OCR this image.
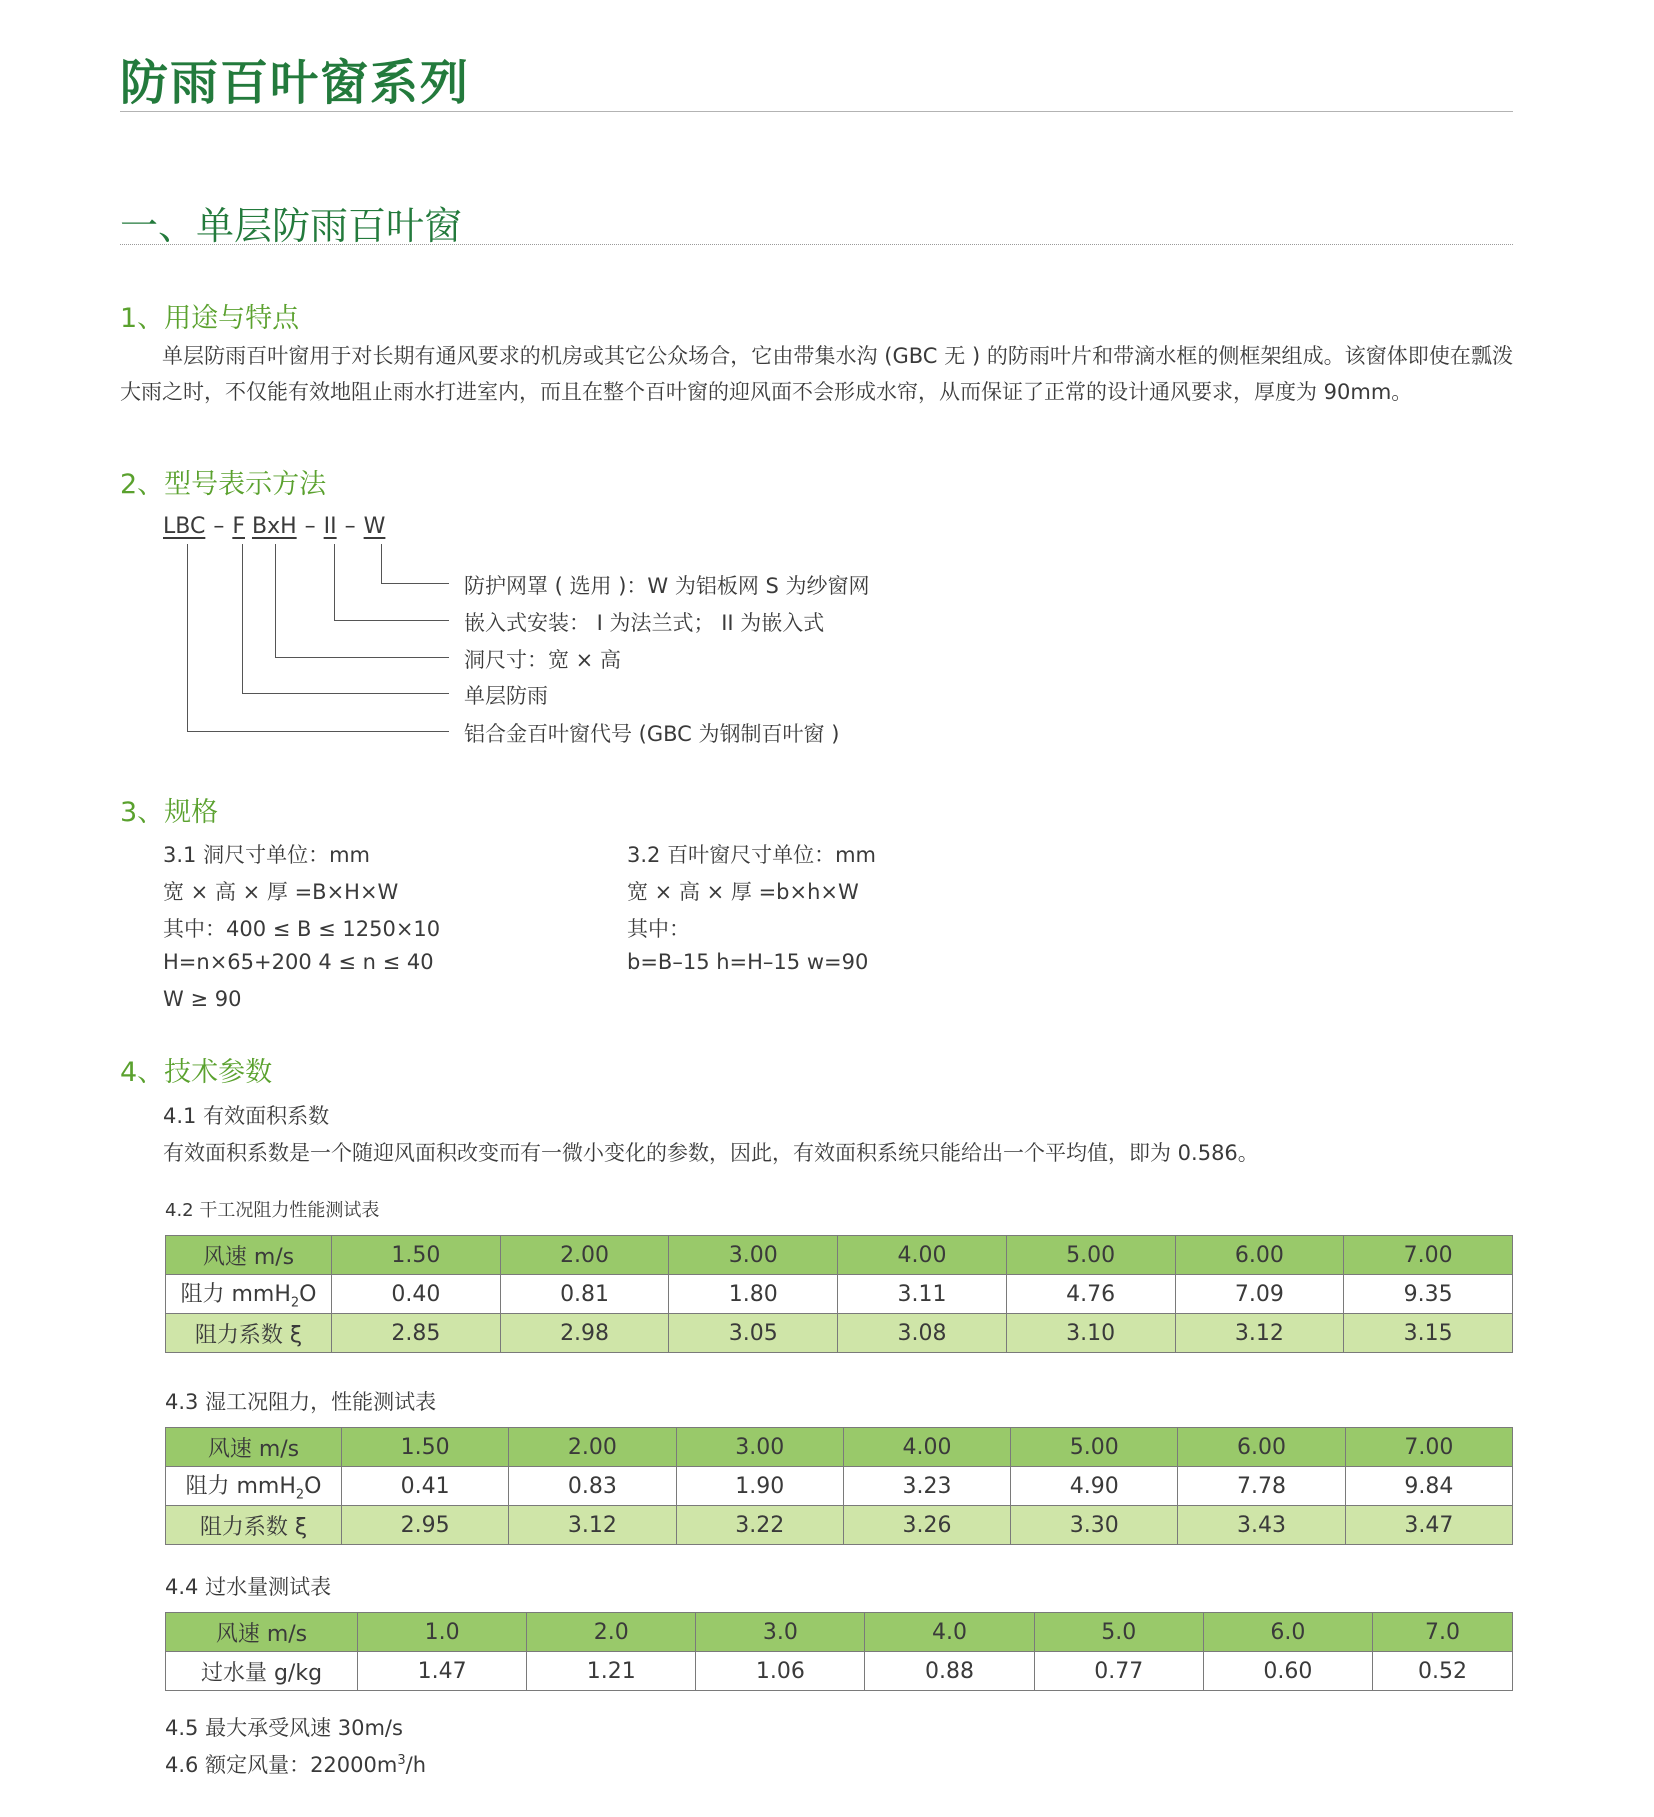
防雨百叶窗系列
一、单层防雨百叶窗
1、用途与特点
单层防雨百叶窗用于对长期有通风要求的机房或其它公众场合，它由带集水沟 (GBC 无 ) 的防雨叶片和带滴水框的侧框架组成。该窗体即使在瓢泼大雨之时，不仅能有效地阻止雨水打进室内，而且在整个百叶窗的迎风面不会形成水帘，从而保证了正常的设计通风要求，厚度为 90mm。
2、型号表示方法
LBC – F BxH – II – W
防护网罩 ( 选用 )：W 为铝板网 S 为纱窗网
嵌入式安装： I 为法兰式； II 为嵌入式
洞尺寸：宽 × 高
单层防雨
铝合金百叶窗代号 (GBC 为钢制百叶窗 )
3、规格
3.1 洞尺寸单位：mm
宽 × 高 × 厚 =B×H×W
其中：400 ≤ B ≤ 1250×10
H=n×65+200 4 ≤ n ≤ 40
W ≥ 90
3.2 百叶窗尺寸单位：mm
宽 × 高 × 厚 =b×h×W
其中：
b=B–15 h=H–15 w=90
4、技术参数
4.1 有效面积系数
有效面积系数是一个随迎风面积改变而有一微小变化的参数，因此，有效面积系统只能给出一个平均值，即为 0.586。
4.2 干工况阻力性能测试表
风速 m/s	1.50	2.00	3.00	4.00	5.00	6.00	7.00
阻力 mmH$_2$O	0.40	0.81	1.80	3.11	4.76	7.09	9.35
阻力系数 ξ	2.85	2.98	3.05	3.08	3.10	3.12	3.15
4.3 湿工况阻力，性能测试表
风速 m/s	1.50	2.00	3.00	4.00	5.00	6.00	7.00
阻力 mmH$_2$O	0.41	0.83	1.90	3.23	4.90	7.78	9.84
阻力系数 ξ	2.95	3.12	3.22	3.26	3.30	3.43	3.47
4.4 过水量测试表
风速 m/s	1.0	2.0	3.0	4.0	5.0	6.0	7.0
过水量 g/kg	1.47	1.21	1.06	0.88	0.77	0.60	0.52
4.5 最大承受风速 30m/s
4.6 额定风量：$22000m^3/h$
